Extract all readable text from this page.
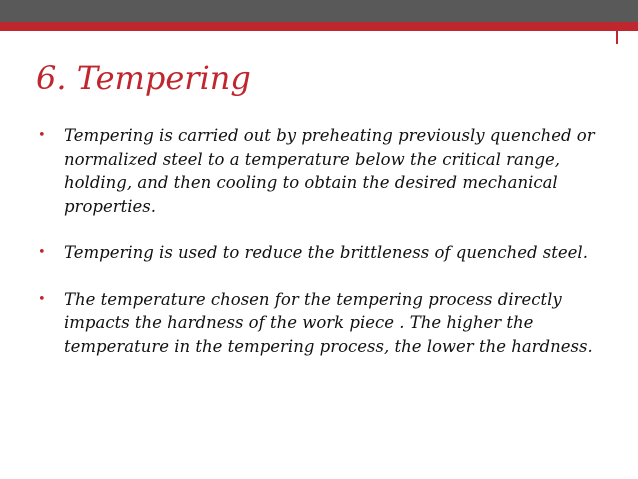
6. Tempering
• Tempering is carried out by preheating previously quenched or normalized steel to a temperature below the critical range, holding, and then cooling to obtain the desired mechanical properties.
• Tempering is used to reduce the brittleness of quenched steel.
• The temperature chosen for the tempering process directly impacts the hardness of the work piece . The higher the temperature in the tempering process, the lower the hardness.
